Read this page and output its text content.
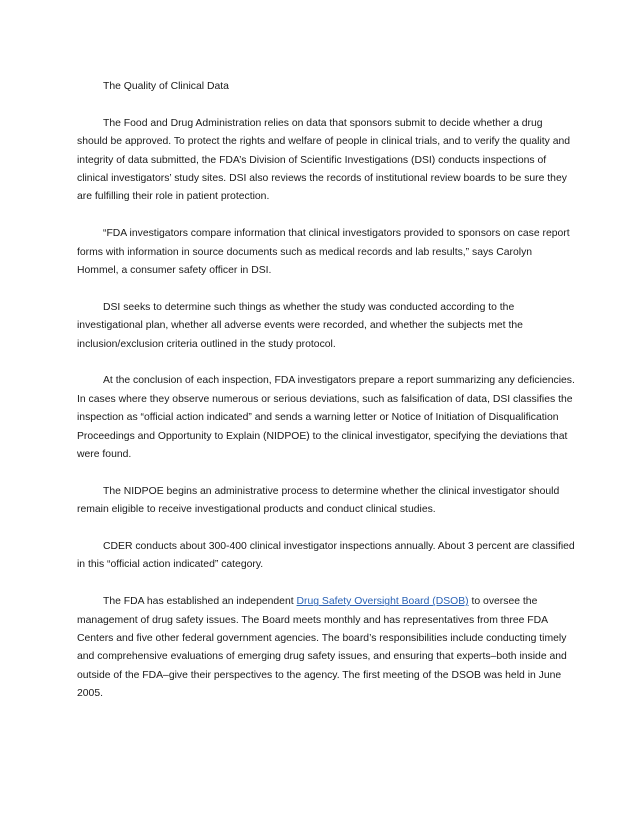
The Quality of Clinical Data

The Food and Drug Administration relies on data that sponsors submit to decide whether a drug should be approved. To protect the rights and welfare of people in clinical trials, and to verify the quality and integrity of data submitted, the FDA’s Division of Scientific Investigations (DSI) conducts inspections of clinical investigators’ study sites. DSI also reviews the records of institutional review boards to be sure they are fulfilling their role in patient protection.

“FDA investigators compare information that clinical investigators provided to sponsors on case report forms with information in source documents such as medical records and lab results,” says Carolyn Hommel, a consumer safety officer in DSI.

DSI seeks to determine such things as whether the study was conducted according to the investigational plan, whether all adverse events were recorded, and whether the subjects met the inclusion/exclusion criteria outlined in the study protocol.

At the conclusion of each inspection, FDA investigators prepare a report summarizing any deficiencies. In cases where they observe numerous or serious deviations, such as falsification of data, DSI classifies the inspection as “official action indicated” and sends a warning letter or Notice of Initiation of Disqualification Proceedings and Opportunity to Explain (NIDPOE) to the clinical investigator, specifying the deviations that were found.

The NIDPOE begins an administrative process to determine whether the clinical investigator should remain eligible to receive investigational products and conduct clinical studies.

CDER conducts about 300-400 clinical investigator inspections annually. About 3 percent are classified in this “official action indicated” category.

The FDA has established an independent Drug Safety Oversight Board (DSOB) to oversee the management of drug safety issues. The Board meets monthly and has representatives from three FDA Centers and five other federal government agencies. The board’s responsibilities include conducting timely and comprehensive evaluations of emerging drug safety issues, and ensuring that experts–both inside and outside of the FDA–give their perspectives to the agency. The first meeting of the DSOB was held in June 2005.
